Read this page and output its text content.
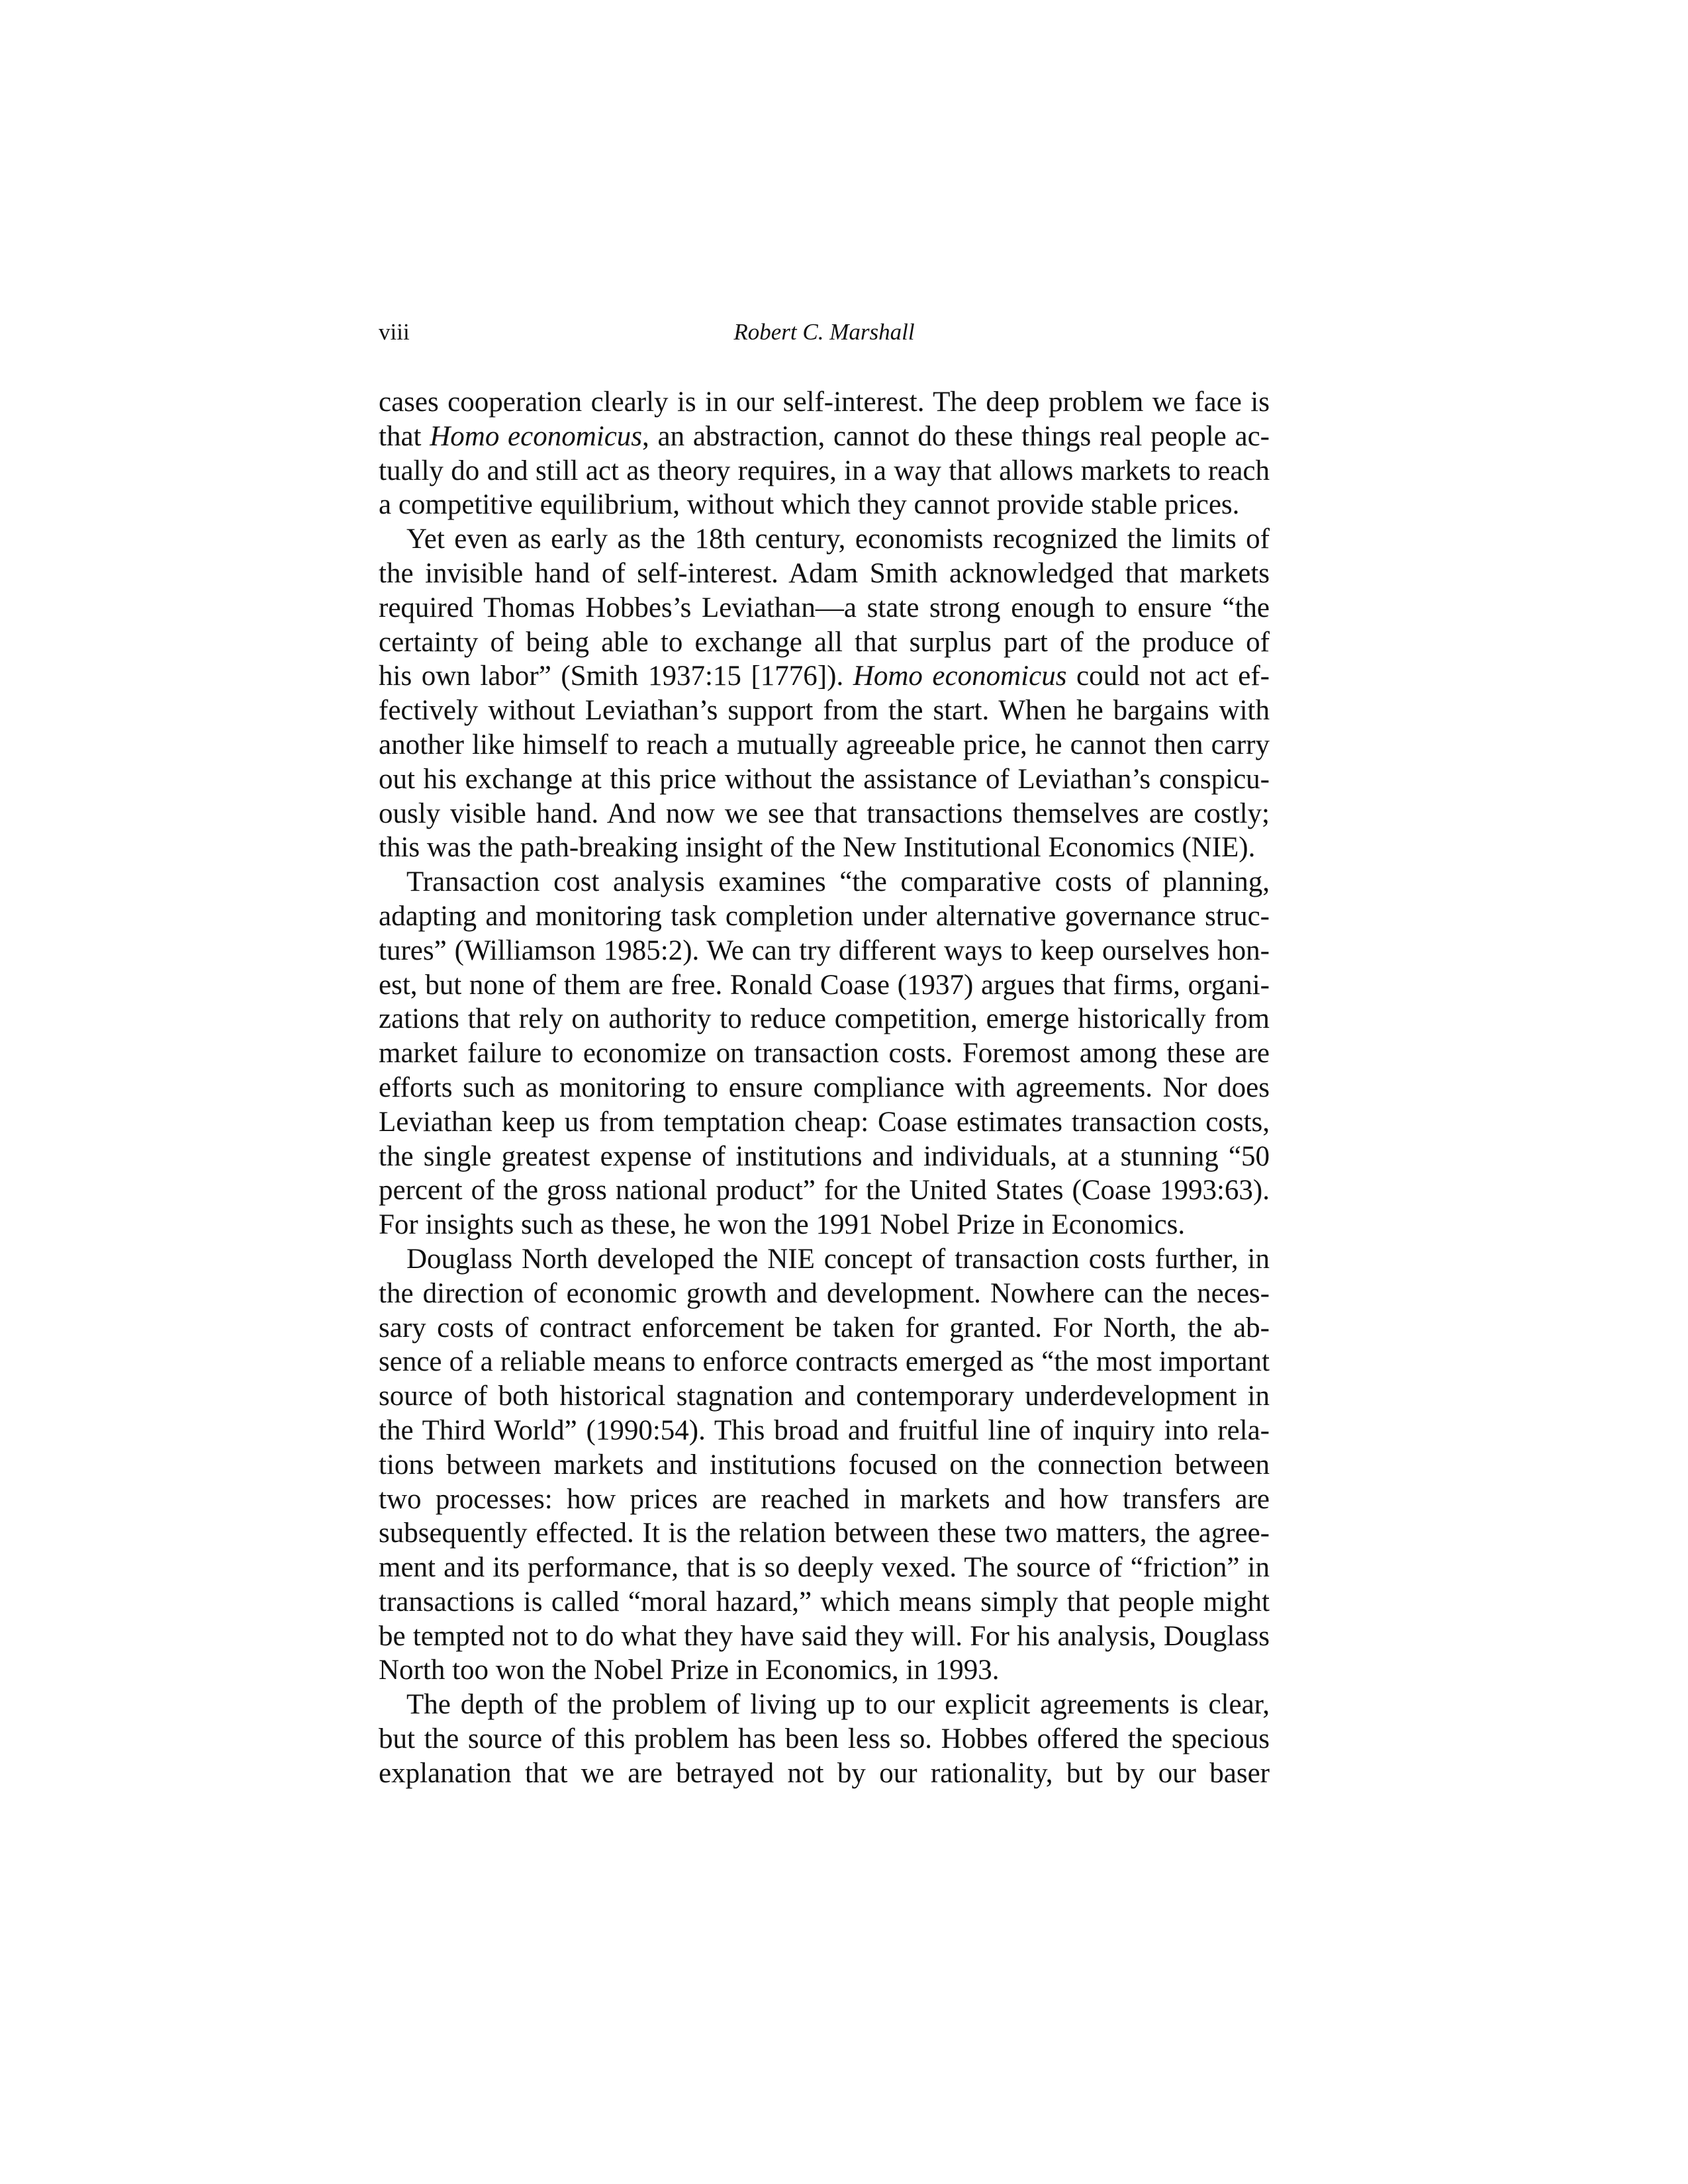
viii	Robert C. Marshall

cases cooperation clearly is in our self-interest. The deep problem we face is
that Homo economicus, an abstraction, cannot do these things real people ac-
tually do and still act as theory requires, in a way that allows markets to reach
a competitive equilibrium, without which they cannot provide stable prices.

Yet even as early as the 18th century, economists recognized the limits of
the invisible hand of self-interest. Adam Smith acknowledged that markets
required Thomas Hobbes’s Leviathan—a state strong enough to ensure “the
certainty of being able to exchange all that surplus part of the produce of
his own labor” (Smith 1937:15 [1776]). Homo economicus could not act ef-
fectively without Leviathan’s support from the start. When he bargains with
another like himself to reach a mutually agreeable price, he cannot then carry
out his exchange at this price without the assistance of Leviathan’s conspicu-
ously visible hand. And now we see that transactions themselves are costly;
this was the path-breaking insight of the New Institutional Economics (NIE).

Transaction cost analysis examines “the comparative costs of planning,
adapting and monitoring task completion under alternative governance struc-
tures” (Williamson 1985:2). We can try different ways to keep ourselves hon-
est, but none of them are free. Ronald Coase (1937) argues that firms, organi-
zations that rely on authority to reduce competition, emerge historically from
market failure to economize on transaction costs. Foremost among these are
efforts such as monitoring to ensure compliance with agreements. Nor does
Leviathan keep us from temptation cheap: Coase estimates transaction costs,
the single greatest expense of institutions and individuals, at a stunning “50
percent of the gross national product” for the United States (Coase 1993:63).
For insights such as these, he won the 1991 Nobel Prize in Economics.

Douglass North developed the NIE concept of transaction costs further, in
the direction of economic growth and development. Nowhere can the neces-
sary costs of contract enforcement be taken for granted. For North, the ab-
sence of a reliable means to enforce contracts emerged as “the most important
source of both historical stagnation and contemporary underdevelopment in
the Third World” (1990:54). This broad and fruitful line of inquiry into rela-
tions between markets and institutions focused on the connection between
two processes: how prices are reached in markets and how transfers are
subsequently effected. It is the relation between these two matters, the agree-
ment and its performance, that is so deeply vexed. The source of “friction” in
transactions is called “moral hazard,” which means simply that people might
be tempted not to do what they have said they will. For his analysis, Douglass
North too won the Nobel Prize in Economics, in 1993.

The depth of the problem of living up to our explicit agreements is clear,
but the source of this problem has been less so. Hobbes offered the specious
explanation that we are betrayed not by our rationality, but by our baser
